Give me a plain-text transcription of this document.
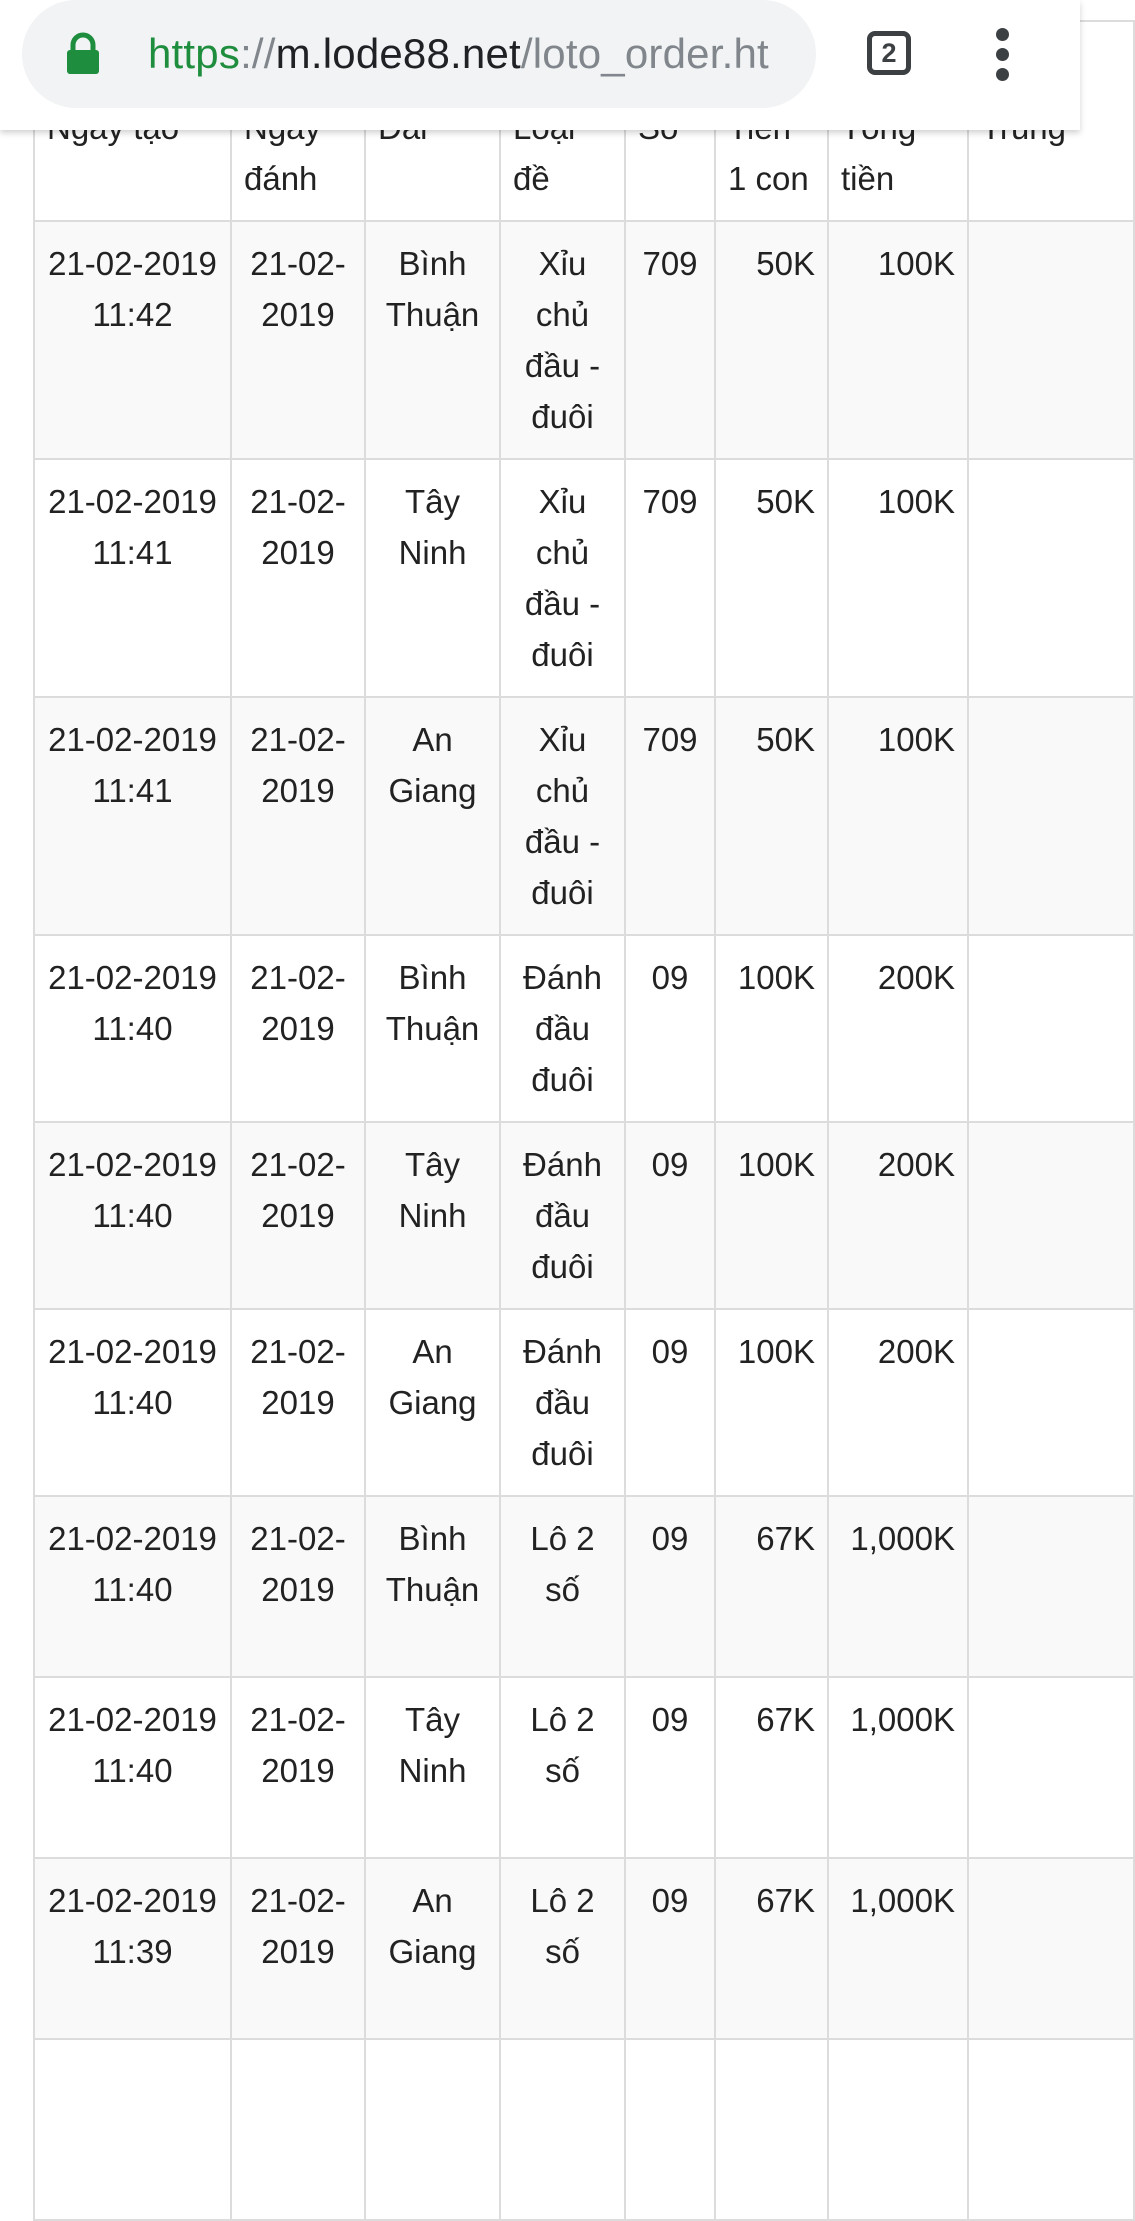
	đánh		đề		1 con	tiền	
21-02-2019 11:42	21-02-2019	Bình Thuận	Xỉu chủ đầu - đuôi	709	50K	100K	
21-02-2019 11:41	21-02-2019	Tây Ninh	Xỉu chủ đầu - đuôi	709	50K	100K	
21-02-2019 11:41	21-02-2019	An Giang	Xỉu chủ đầu - đuôi	709	50K	100K	
21-02-2019 11:40	21-02-2019	Bình Thuận	Đánh đầu đuôi	09	100K	200K	
21-02-2019 11:40	21-02-2019	Tây Ninh	Đánh đầu đuôi	09	100K	200K	
21-02-2019 11:40	21-02-2019	An Giang	Đánh đầu đuôi	09	100K	200K	
21-02-2019 11:40	21-02-2019	Bình Thuận	Lô 2 số	09	67K	1,000K	
21-02-2019 11:40	21-02-2019	Tây Ninh	Lô 2 số	09	67K	1,000K	
21-02-2019 11:39	21-02-2019	An Giang	Lô 2 số	09	67K	1,000K	

https://m.lode88.net/loto_order.ht	2
